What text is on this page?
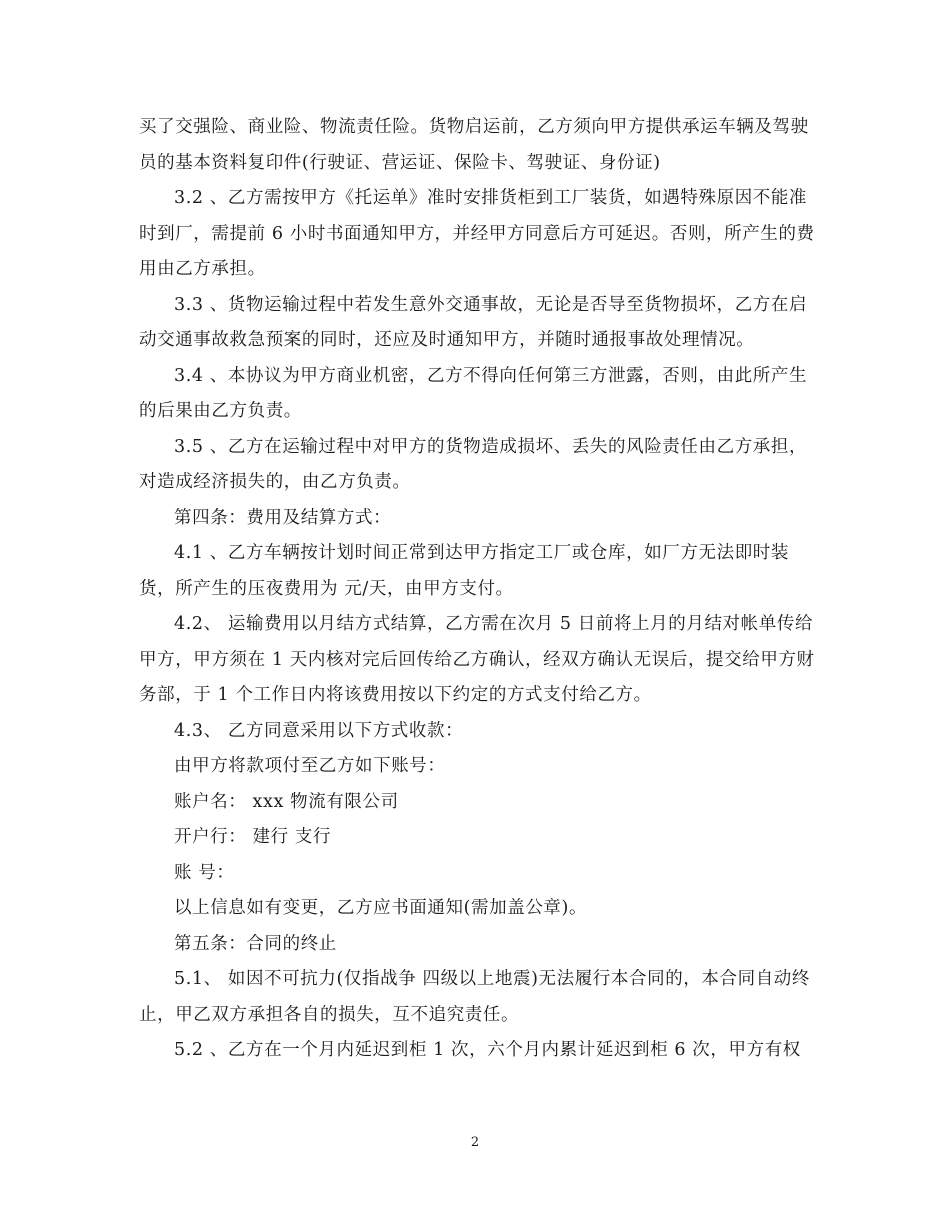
买了交强险、商业险、物流责任险。货物启运前，乙方须向甲方提供承运车辆及驾驶员的基本资料复印件(行驶证、营运证、保险卡、驾驶证、身份证)

3.2 、乙方需按甲方《托运单》准时安排货柜到工厂装货，如遇特殊原因不能准时到厂，需提前 6 小时书面通知甲方，并经甲方同意后方可延迟。否则，所产生的费用由乙方承担。

3.3 、货物运输过程中若发生意外交通事故，无论是否导至货物损坏，乙方在启动交通事故救急预案的同时，还应及时通知甲方，并随时通报事故处理情况。

3.4 、本协议为甲方商业机密，乙方不得向任何第三方泄露，否则，由此所产生的后果由乙方负责。

3.5 、乙方在运输过程中对甲方的货物造成损坏、丢失的风险责任由乙方承担，对造成经济损失的，由乙方负责。

第四条：费用及结算方式：

4.1 、乙方车辆按计划时间正常到达甲方指定工厂或仓库，如厂方无法即时装货，所产生的压夜费用为 元/天，由甲方支付。

4.2、 运输费用以月结方式结算，乙方需在次月 5 日前将上月的月结对帐单传给甲方，甲方须在 1 天内核对完后回传给乙方确认，经双方确认无误后，提交给甲方财务部，于 1 个工作日内将该费用按以下约定的方式支付给乙方。

4.3、 乙方同意采用以下方式收款：

由甲方将款项付至乙方如下账号：

账户名： xxx 物流有限公司

开户行： 建行 支行

账 号：

以上信息如有变更，乙方应书面通知(需加盖公章)。

第五条：合同的终止

5.1、 如因不可抗力(仅指战争 四级以上地震)无法履行本合同的，本合同自动终止，甲乙双方承担各自的损失，互不追究责任。

5.2 、乙方在一个月内延迟到柜 1 次，六个月内累计延迟到柜 6 次，甲方有权

2
